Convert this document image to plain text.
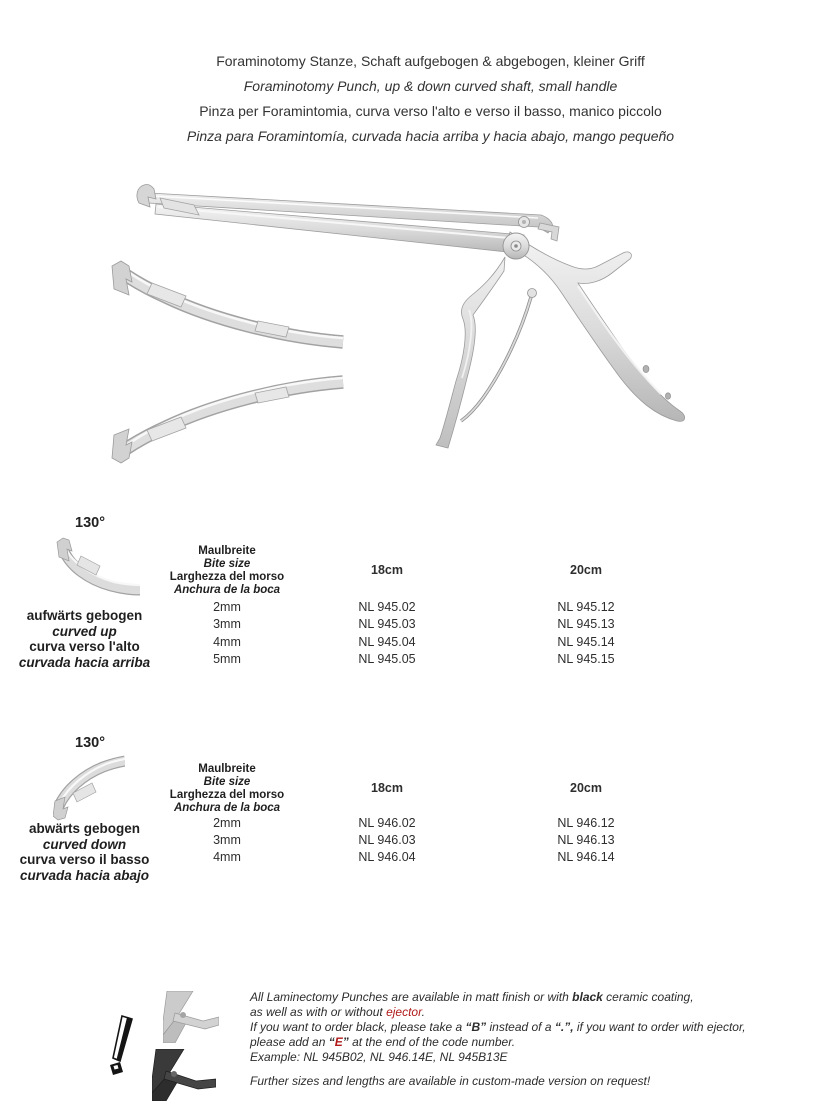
Foraminotomy Stanze, Schaft aufgebogen & abgebogen, kleiner Griff
Foraminotomy Punch, up & down curved shaft, small handle
Pinza per Foramintomia, curva verso l'alto e verso il basso, manico piccolo
Pinza para Foramintomía, curvada hacia arriba y hacia abajo, mango pequeño
130°
aufwärts gebogen
curved up
curva verso l'alto
curvada hacia arriba
Maulbreite
Bite size
Larghezza del morso
Anchura de la boca
18cm	20cm
2mm	NL 945.02	NL 945.12
3mm	NL 945.03	NL 945.13
4mm	NL 945.04	NL 945.14
5mm	NL 945.05	NL 945.15
130°
abwärts gebogen
curved down
curva verso il basso
curvada hacia abajo
Maulbreite
Bite size
Larghezza del morso
Anchura de la boca
18cm	20cm
2mm	NL 946.02	NL 946.12
3mm	NL 946.03	NL 946.13
4mm	NL 946.04	NL 946.14
All Laminectomy Punches are available in matt finish or with black ceramic coating,
as well as with or without ejector.
If you want to order black, please take a “B” instead of a “.”, if you want to order with ejector,
please add an “E” at the end of the code number.
Example: NL 945B02, NL 946.14E, NL 945B13E
Further sizes and lengths are available in custom-made version on request!
